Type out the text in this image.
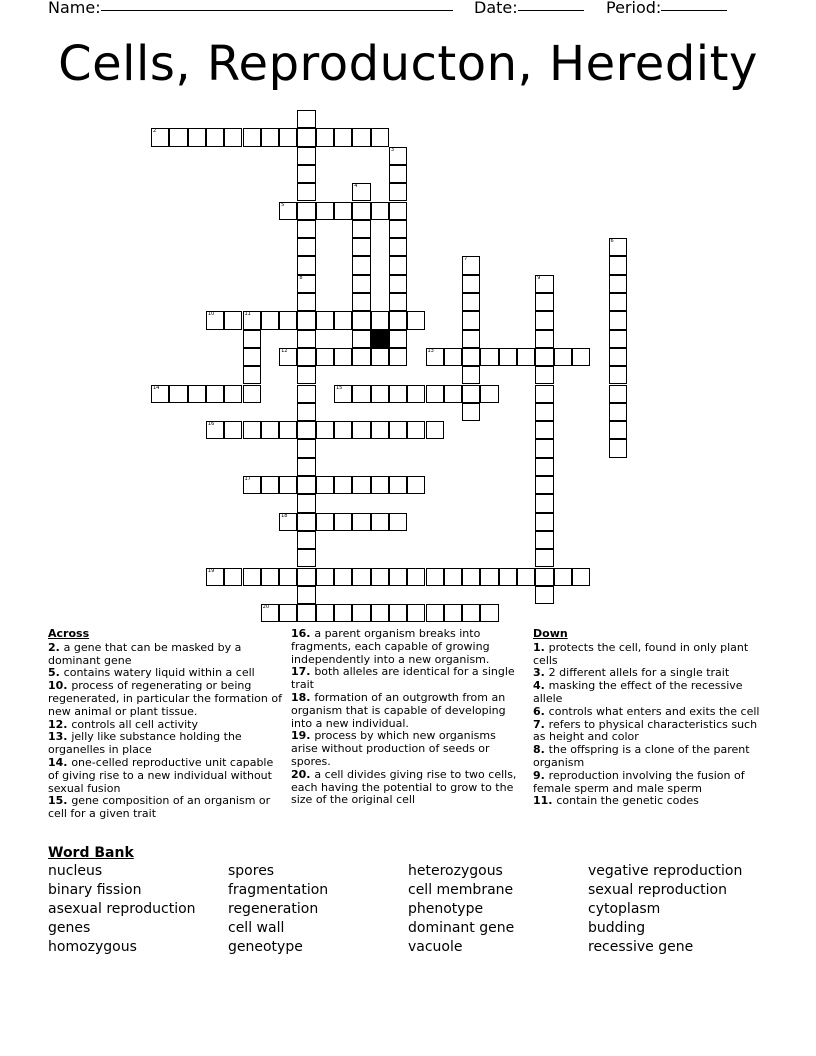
Name:	Date:	Period:
Cells, Reproducton, Heredity
2
5
10	11
12	13
14	15
16
17
18
19
20
8
3
4
6
7
9
Across
2. a gene that can be masked by a dominant gene
5. contains watery liquid within a cell
10. process of regenerating or being regenerated, in particular the formation of new animal or plant tissue.
12. controls all cell activity
13. jelly like substance holding the organelles in place
14. one-celled reproductive unit capable of giving rise to a new individual without sexual fusion
15. gene composition of an organism or cell for a given trait
16. a parent organism breaks into fragments, each capable of growing independently into a new organism.
17. both alleles are identical for a single trait
18. formation of an outgrowth from an organism that is capable of developing into a new individual.
19. process by which new organisms arise without production of seeds or spores.
20. a cell divides giving rise to two cells, each having the potential to grow to the size of the original cell
Down
1. protects the cell, found in only plant cells
3. 2 different allels for a single trait
4. masking the effect of the recessive allele
6. controls what enters and exits the cell
7. refers to physical characteristics such as height and color
8. the offspring is a clone of the parent organism
9. reproduction involving the fusion of female sperm and male sperm
11. contain the genetic codes
Word Bank
nucleus
binary fission
asexual reproduction
genes
homozygous
spores
fragmentation
regeneration
cell wall
geneotype
heterozygous
cell membrane
phenotype
dominant gene
vacuole
vegative reproduction
sexual reproduction
cytoplasm
budding
recessive gene
